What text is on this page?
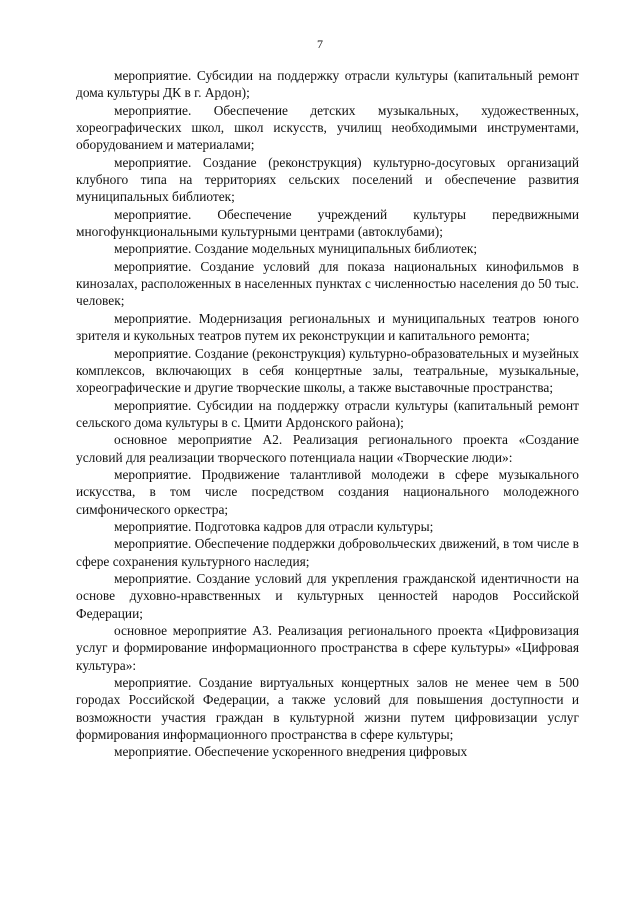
7

мероприятие. Субсидии на поддержку отрасли культуры (капитальный ремонт дома культуры ДК в г. Ардон);

мероприятие. Обеспечение детских музыкальных, художественных, хореографических школ, школ искусств, училищ необходимыми инструментами, оборудованием и материалами;

мероприятие. Создание (реконструкция) культурно-досуговых организаций клубного типа на территориях сельских поселений и обеспечение развития муниципальных библиотек;

мероприятие. Обеспечение учреждений культуры передвижными многофункциональными культурными центрами (автоклубами);

мероприятие. Создание модельных муниципальных библиотек;

мероприятие. Создание условий для показа национальных кинофильмов в кинозалах, расположенных в населенных пунктах с численностью населения до 50 тыс. человек;

мероприятие. Модернизация региональных и муниципальных театров юного зрителя и кукольных театров путем их реконструкции и капитального ремонта;

мероприятие. Создание (реконструкция) культурно-образовательных и музейных комплексов, включающих в себя концертные залы, театральные, музыкальные, хореографические и другие творческие школы, а также выставочные пространства;

мероприятие. Субсидии на поддержку отрасли культуры (капитальный ремонт сельского дома культуры в с. Цмити Ардонского района);

основное мероприятие А2. Реализация регионального проекта «Создание условий для реализации творческого потенциала нации «Творческие люди»:

мероприятие. Продвижение талантливой молодежи в сфере музыкального искусства, в том числе посредством создания национального молодежного симфонического оркестра;

мероприятие. Подготовка кадров для отрасли культуры;

мероприятие. Обеспечение поддержки добровольческих движений, в том числе в сфере сохранения культурного наследия;

мероприятие. Создание условий для укрепления гражданской идентичности на основе духовно-нравственных и культурных ценностей народов Российской Федерации;

основное мероприятие А3. Реализация регионального проекта «Цифровизация услуг и формирование информационного пространства в сфере культуры» «Цифровая культура»:

мероприятие. Создание виртуальных концертных залов не менее чем в 500 городах Российской Федерации, а также условий для повышения доступности и возможности участия граждан в культурной жизни путем цифровизации услуг формирования информационного пространства в сфере культуры;

мероприятие. Обеспечение ускоренного внедрения цифровых
